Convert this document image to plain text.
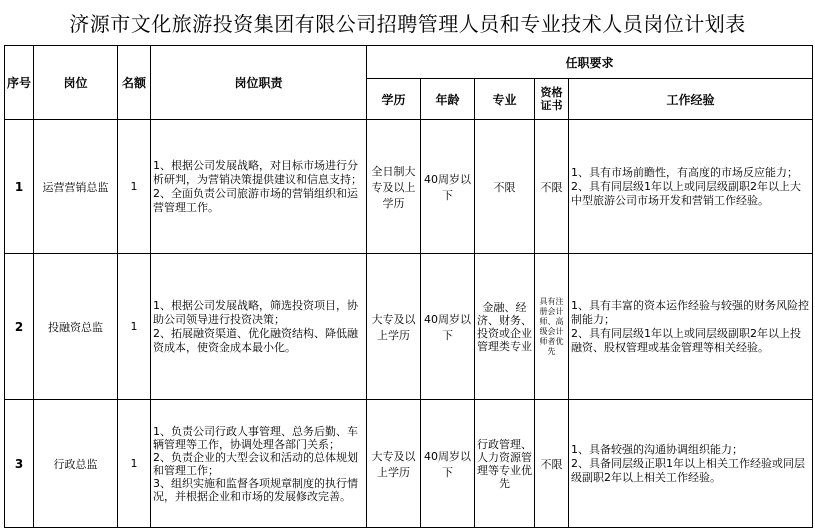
济源市文化旅游投资集团有限公司招聘管理人员和专业技术人员岗位计划表
序号	岗位	名额	岗位职责	任职要求				
				学历	年龄	专业	资格证书	工作经验
1	运营营销总监	1	1、根据公司发展战略，对目标市场进行分析研判，为营销决策提供建议和信息支持；
2、全面负责公司旅游市场的营销组织和运营管理工作。	全日制大专及以上学历	40周岁以下	不限	不限	1、具有市场前瞻性，有高度的市场反应能力；
2、具有同层级1年以上或同层级副职2年以上大中型旅游公司市场开发和营销工作经验。
2	投融资总监	1	1、根据公司发展战略，筛选投资项目，协助公司领导进行投资决策；
2、拓展融资渠道、优化融资结构、降低融资成本，使资金成本最小化。	大专及以上学历	40周岁以下	金融、经济、财务、投资或企业管理类专业	具有注册会计师、高级会计师者优先	1、具有丰富的资本运作经验与较强的财务风险控制能力；
2、具有同层级1年以上或同层级副职2年以上投融资、股权管理或基金管理等相关经验。
3	行政总监	1	1、负责公司行政人事管理、总务后勤、车辆管理等工作，协调处理各部门关系；
2、负责企业的大型会议和活动的总体规划和管理工作；
3、组织实施和监督各项规章制度的执行情况，并根据企业和市场的发展修改完善。	大专及以上学历	40周岁以下	行政管理、人力资源管理等专业优先	不限	1、具备较强的沟通协调组织能力；
2、具备同层级正职1年以上相关工作经验或同层级副职2年以上相关工作经验。
